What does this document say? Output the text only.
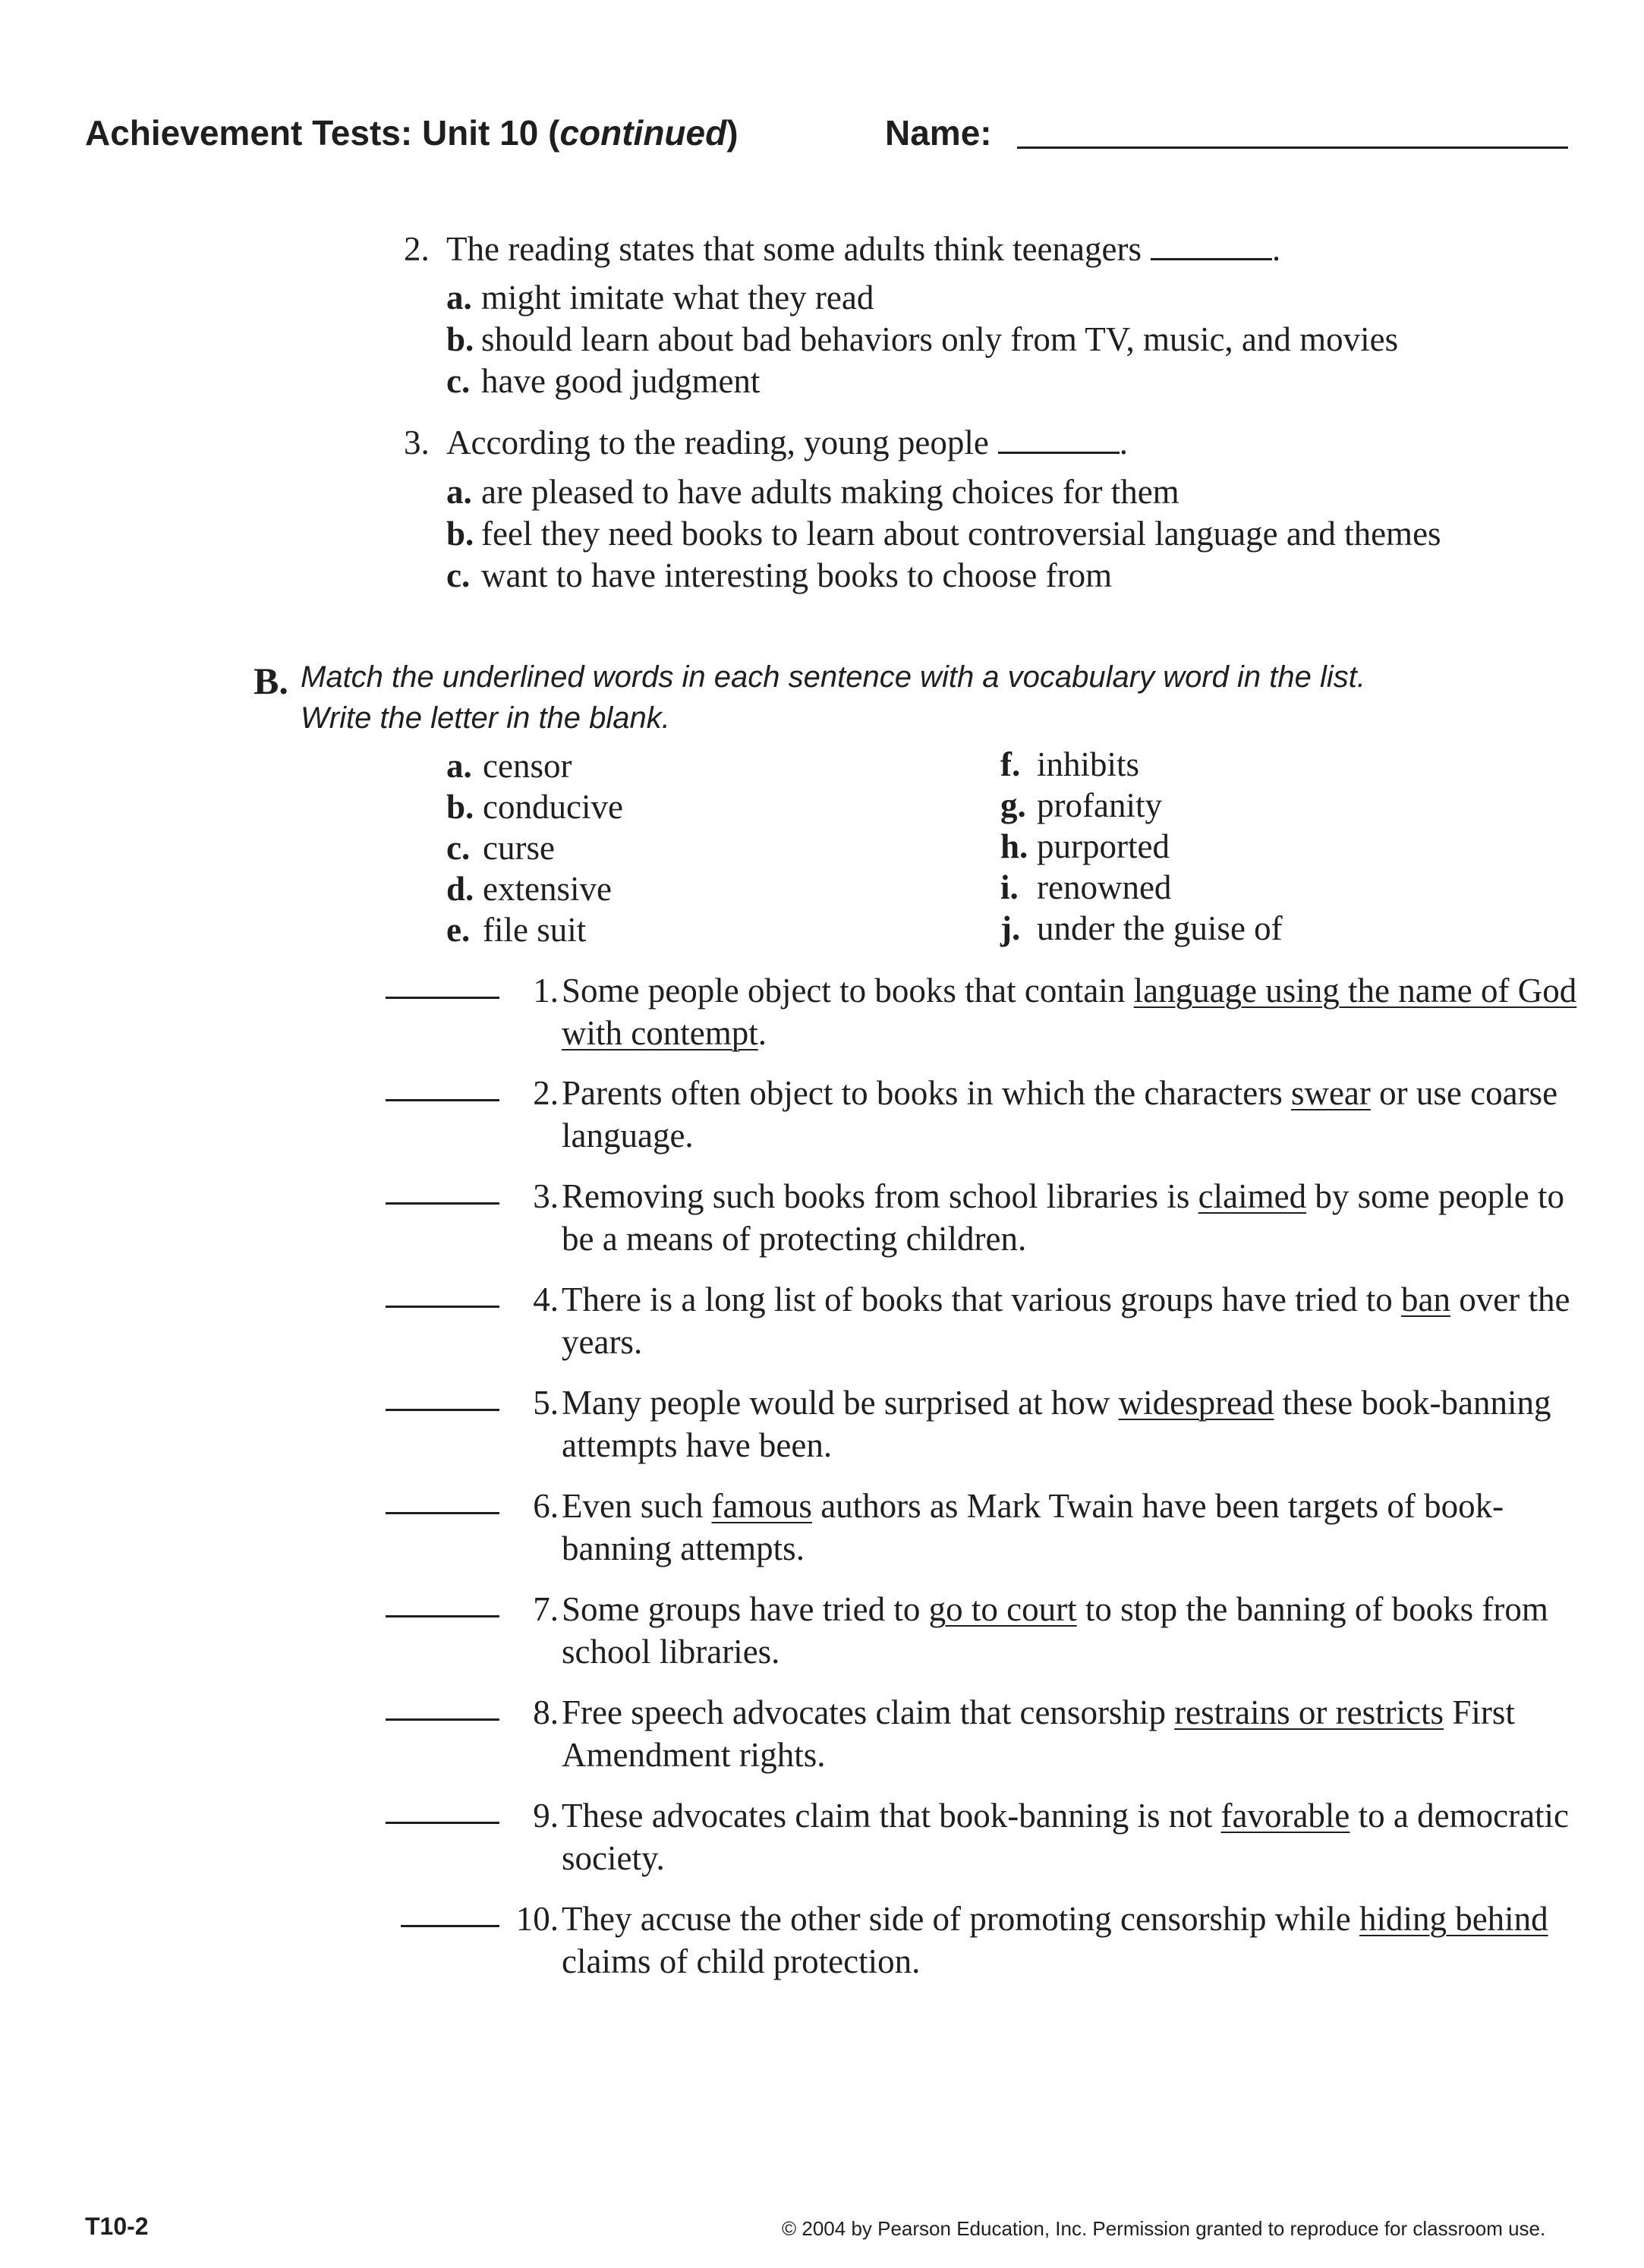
Achievement Tests: Unit 10 (continued)	Name:
2. The reading states that some adults think teenagers	.
a. might imitate what they read
b. should learn about bad behaviors only from TV, music, and movies
c. have good judgment
3. According to the reading, young people	.
a. are pleased to have adults making choices for them
b. feel they need books to learn about controversial language and themes
c. want to have interesting books to choose from
B. Match the underlined words in each sentence with a vocabulary word in the list.
Write the letter in the blank.
a. censor
b. conducive
c. curse
d. extensive
e. file suit
f. inhibits
g. profanity
h. purported
i. renowned
j. under the guise of
1. Some people object to books that contain language using the name of God with contempt.
2. Parents often object to books in which the characters swear or use coarse language.
3. Removing such books from school libraries is claimed by some people to be a means of protecting children.
4. There is a long list of books that various groups have tried to ban over the years.
5. Many people would be surprised at how widespread these book-banning attempts have been.
6. Even such famous authors as Mark Twain have been targets of book-banning attempts.
7. Some groups have tried to go to court to stop the banning of books from school libraries.
8. Free speech advocates claim that censorship restrains or restricts First Amendment rights.
9. These advocates claim that book-banning is not favorable to a democratic society.
10. They accuse the other side of promoting censorship while hiding behind claims of child protection.
T10-2	© 2004 by Pearson Education, Inc. Permission granted to reproduce for classroom use.
